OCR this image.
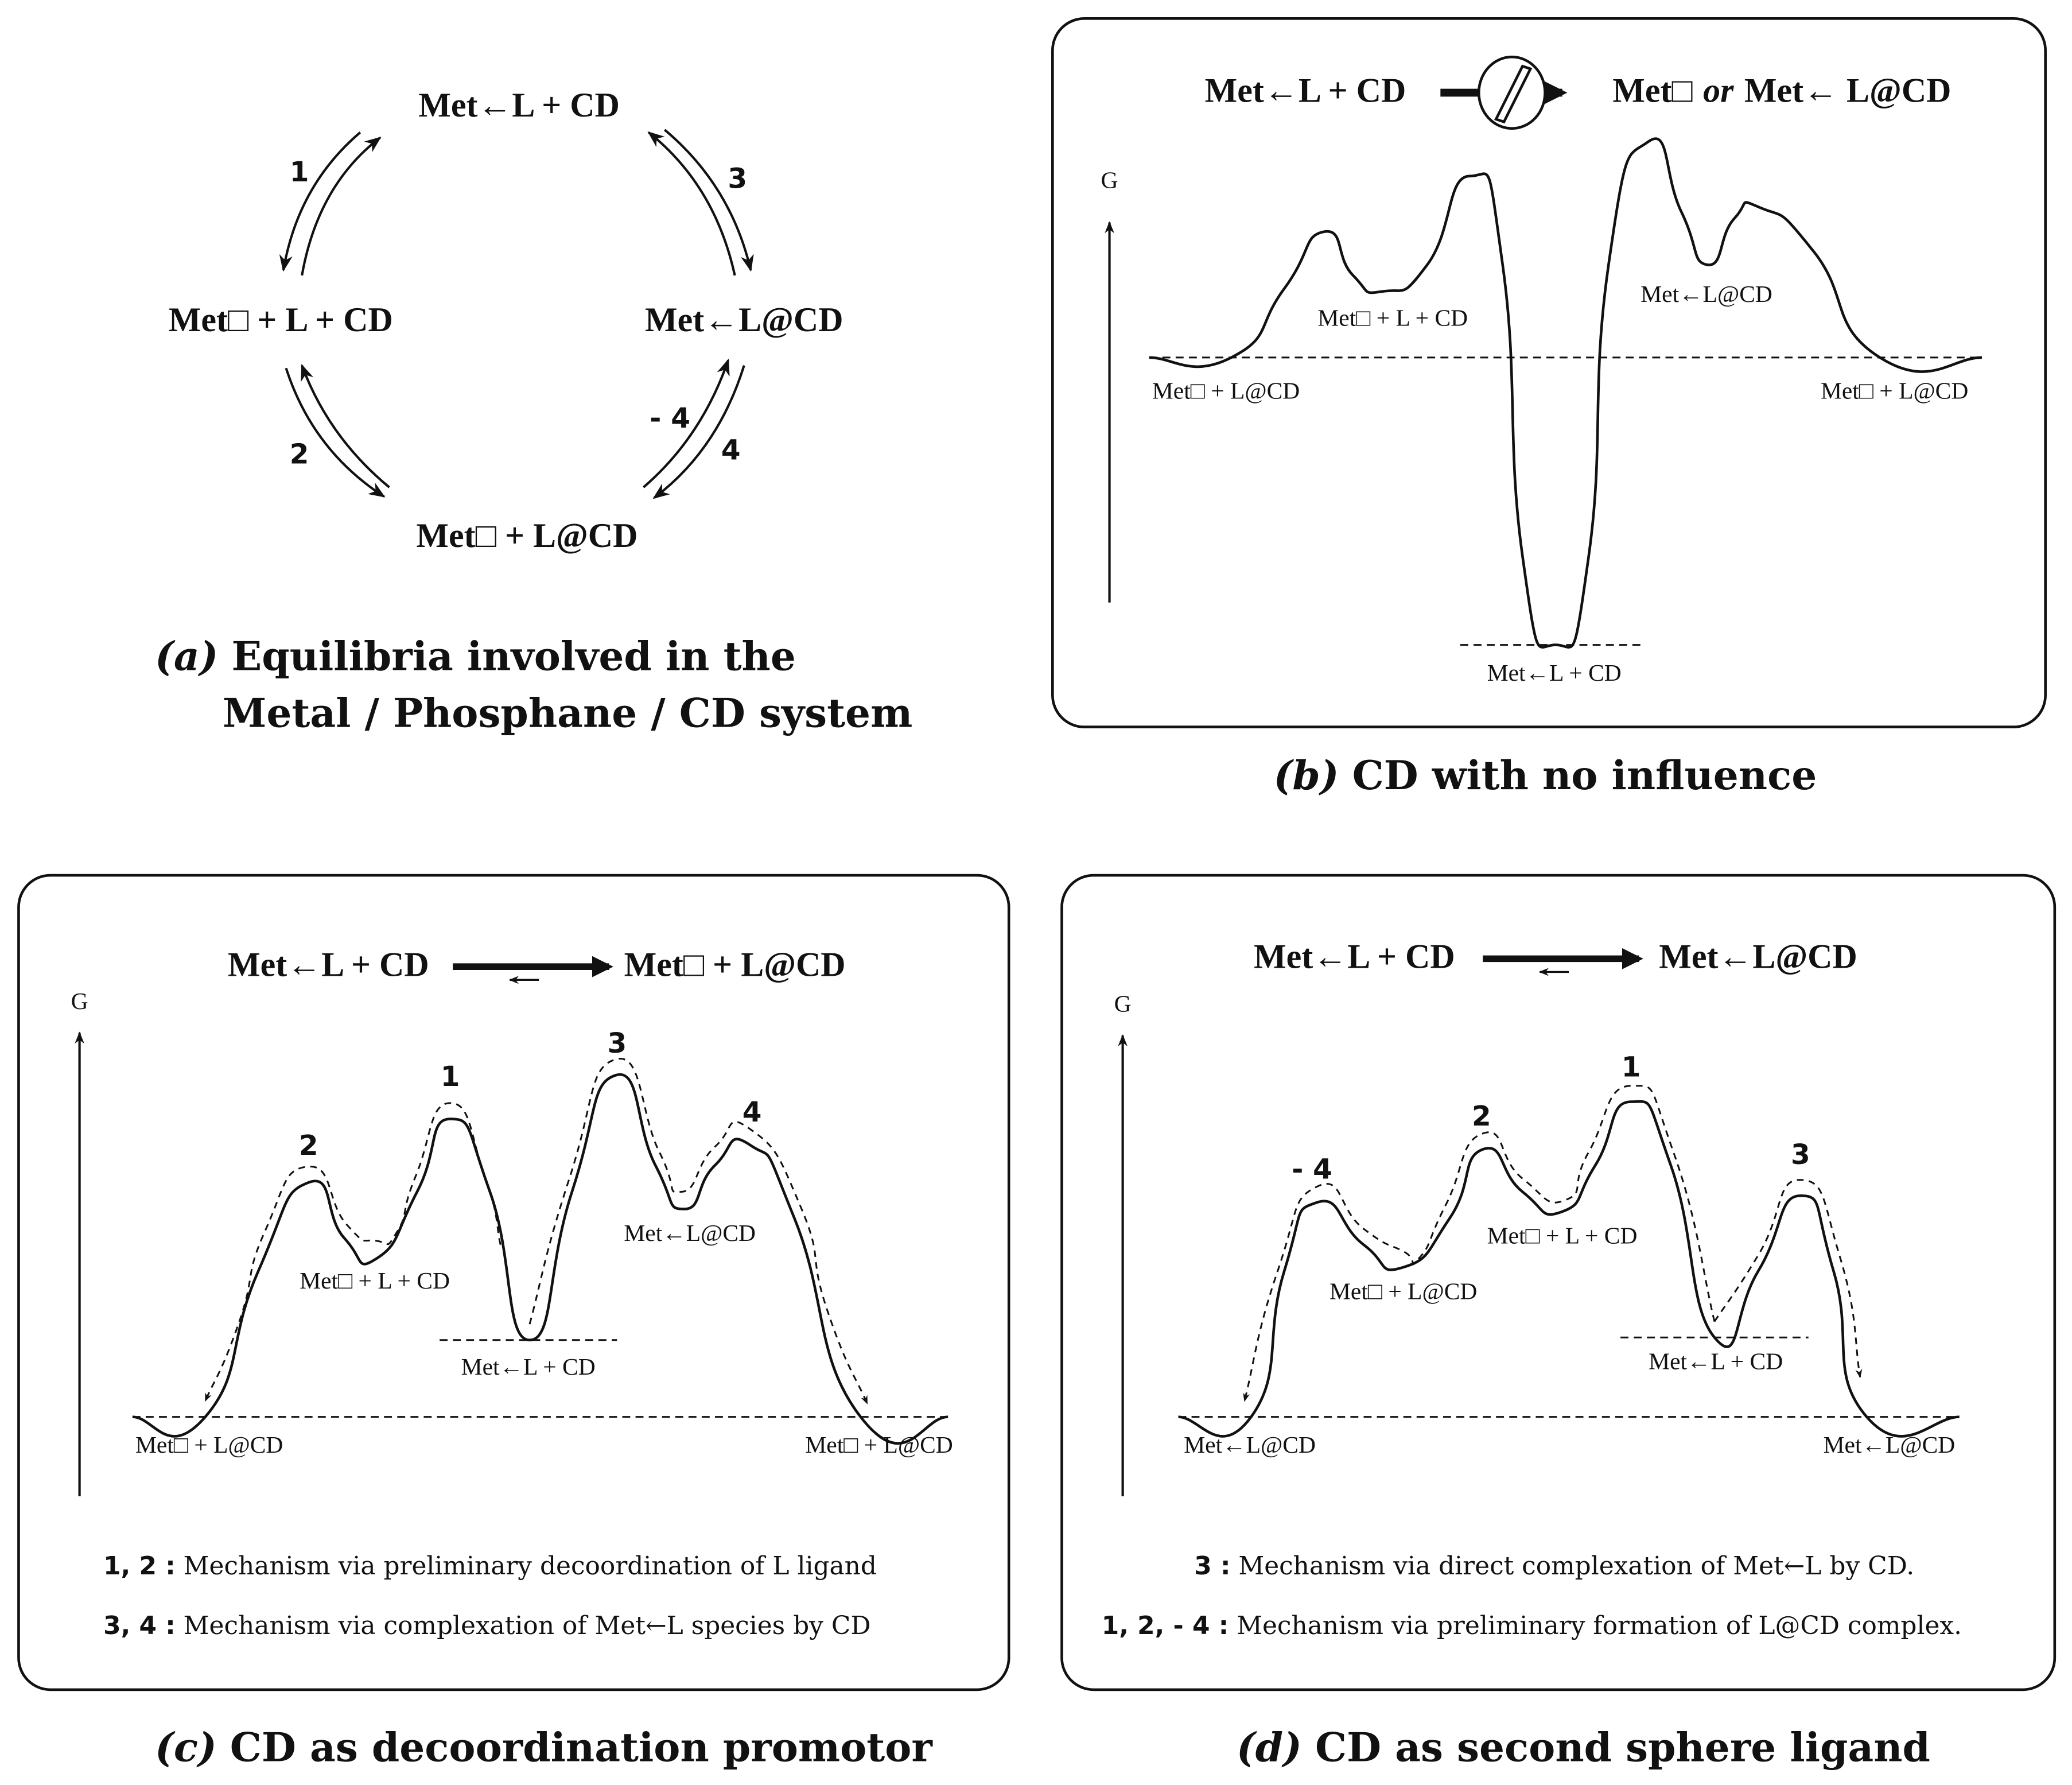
Met←L + CD
Met□ + L + CD	Met←L@CD
Met□ + L@CD
1
2
3
4
- 4
(a) Equilibria involved in the
Metal / Phosphane / CD system
Met←L + CD	Met□ or Met← L@CD
G
Met□ + L@CD	Met□ + L@CD
Met□ + L + CD
Met←L@CD
Met←L + CD
(b) CD with no influence
Met←L + CD	Met□ + L@CD
G
2
1
3
4
Met□ + L@CD	Met□ + L@CD
Met□ + L + CD
Met←L + CD
Met←L@CD
1, 2 : Mechanism via preliminary decoordination of L ligand
3, 4 : Mechanism via complexation of Met←L species by CD
(c) CD as decoordination promotor
Met←L + CD	Met←L@CD
G
- 4
2
1
3
Met←L@CD	Met←L@CD
Met□ + L@CD
Met□ + L + CD
Met←L + CD
3 : Mechanism via direct complexation of Met←L by CD.
1, 2, - 4 : Mechanism via preliminary formation of L@CD complex.
(d) CD as second sphere ligand
